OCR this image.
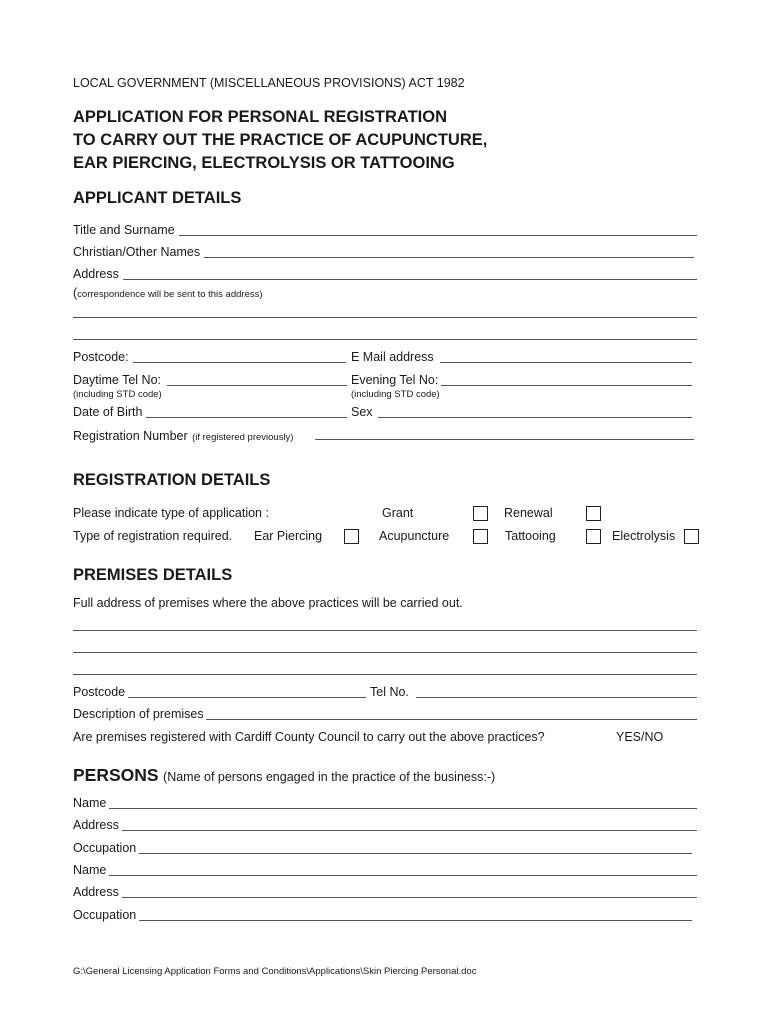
LOCAL GOVERNMENT (MISCELLANEOUS PROVISIONS) ACT 1982
APPLICATION FOR PERSONAL REGISTRATION
TO CARRY OUT THE PRACTICE OF ACUPUNCTURE,
EAR PIERCING, ELECTROLYSIS OR TATTOOING
APPLICANT DETAILS
Title and Surname
Christian/Other Names
Address
(correspondence will be sent to this address)
Postcode:	E Mail address
Daytime Tel No:	Evening Tel No:
(including STD code)	(including STD code)
Date of Birth	Sex
Registration Number (if registered previously)
REGISTRATION DETAILS
Please indicate type of application :	Grant	Renewal
Type of registration required. Ear Piercing	Acupuncture	Tattooing	Electrolysis
PREMISES DETAILS
Full address of premises where the above practices will be carried out.
Postcode	Tel No.
Description of premises
Are premises registered with Cardiff County Council to carry out the above practices?	YES/NO
PERSONS (Name of persons engaged in the practice of the business:-)
Name
Address
Occupation
Name
Address
Occupation
G:\General Licensing Application Forms and Conditions\Applications\Skin Piercing Personal.doc
